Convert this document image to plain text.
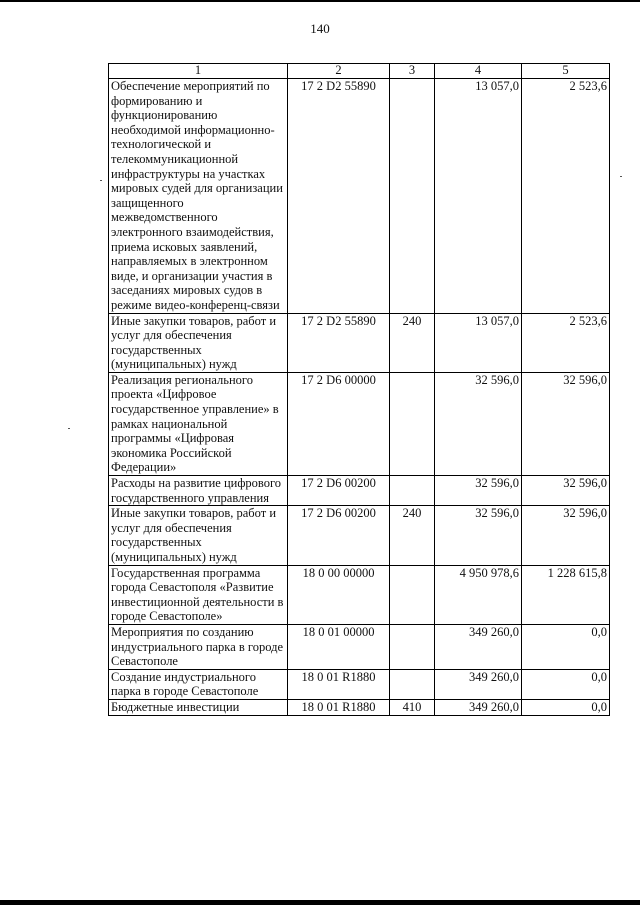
140
1	2	3	4	5
Обеспечение мероприятий по формированию и функционированию необходимой информационно-технологической и телекоммуникационной инфраструктуры на участках мировых судей для организации защищенного межведомственного электронного взаимодействия, приема исковых заявлений, направляемых в электронном виде, и организации участия в заседаниях мировых судов в режиме видео-конференц-связи	17 2 D2 55890		13 057,0	2 523,6
Иные закупки товаров, работ и услуг для обеспечения государственных (муниципальных) нужд	17 2 D2 55890	240	13 057,0	2 523,6
Реализация регионального проекта «Цифровое государственное управление» в рамках национальной программы «Цифровая экономика Российской Федерации»	17 2 D6 00000		32 596,0	32 596,0
Расходы на развитие цифрового государственного управления	17 2 D6 00200		32 596,0	32 596,0
Иные закупки товаров, работ и услуг для обеспечения государственных (муниципальных) нужд	17 2 D6 00200	240	32 596,0	32 596,0
Государственная программа города Севастополя «Развитие инвестиционной деятельности в городе Севастополе»	18 0 00 00000		4 950 978,6	1 228 615,8
Мероприятия по созданию индустриального парка в городе Севастополе	18 0 01 00000		349 260,0	0,0
Создание индустриального парка в городе Севастополе	18 0 01 R1880		349 260,0	0,0
Бюджетные инвестиции	18 0 01 R1880	410	349 260,0	0,0
